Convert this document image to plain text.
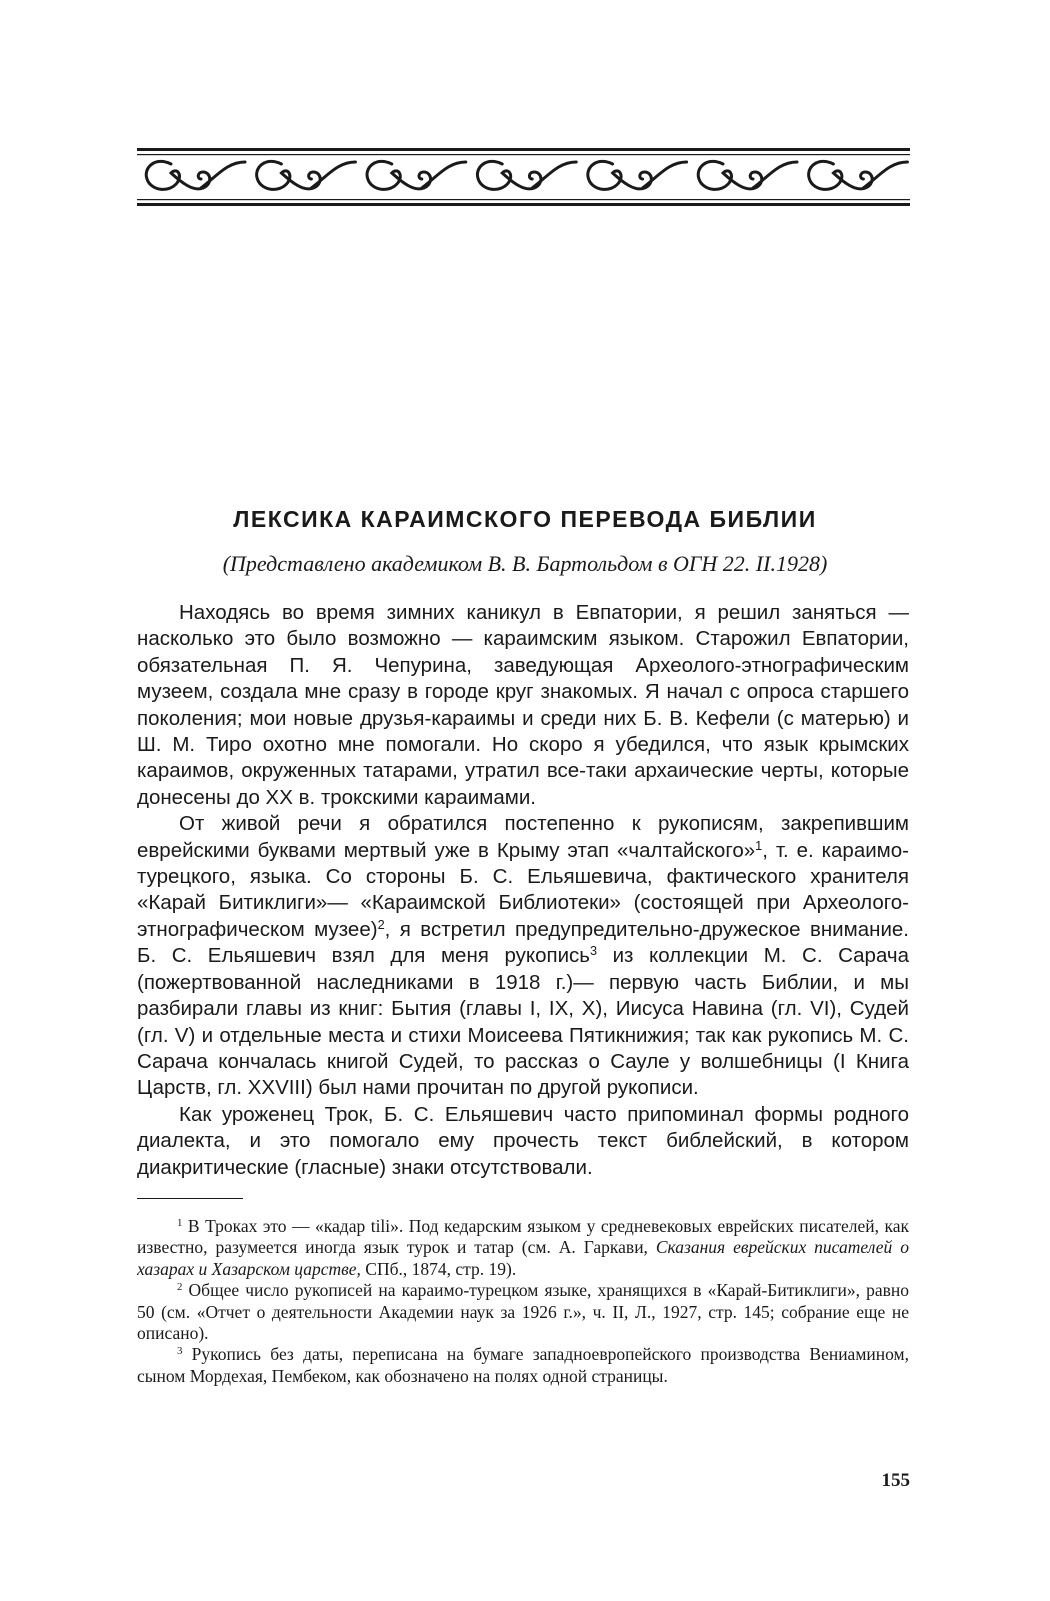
ЛЕКСИКА КАРАИМСКОГО ПЕРЕВОДА БИБЛИИ
(Представлено академиком В. В. Бартольдом в ОГН 22. II.1928)

Находясь во время зимних каникул в Евпатории, я решил заняться — насколько это было возможно — караимским языком. Старожил Евпатории, обязательная П. Я. Чепурина, заведующая Археолого-этнографическим музеем, создала мне сразу в городе круг знакомых. Я начал с опроса старшего поколения; мои новые друзья-караимы и среди них Б. В. Кефели (с матерью) и Ш. М. Тиро охотно мне помогали. Но скоро я убедился, что язык крымских караимов, окруженных татарами, утратил все-таки архаические черты, которые донесены до XX в. трокскими караимами.

От живой речи я обратился постепенно к рукописям, закрепившим еврейскими буквами мертвый уже в Крыму этап «чалтайского»$^1$, т. е. караимо-турецкого, языка. Со стороны Б. С. Ельяшевича, фактического хранителя «Карай Битиклиги»— «Караимской Библиотеки» (состоящей при Археолого-этнографическом музее)$^2$, я встретил предупредительно-дружеское внимание. Б. С. Ельяшевич взял для меня рукопись$^3$ из коллекции М. С. Сарача (пожертвованной наследниками в 1918 г.)— первую часть Библии, и мы разбирали главы из книг: Бытия (главы I, IX, X), Иисуса Навина (гл. VI), Судей (гл. V) и отдельные места и стихи Моисеева Пятикнижия; так как рукопись М. С. Сарача кончалась книгой Судей, то рассказ о Сауле у волшебницы (I Книга Царств, гл. XXVIII) был нами прочитан по другой рукописи.

Как уроженец Трок, Б. С. Ельяшевич часто припоминал формы родного диалекта, и это помогало ему прочесть текст библейский, в котором диакритические (гласные) знаки отсутствовали.

$^1$ В Троках это — «кадар tili». Под кедарским языком у средневековых еврейских писателей, как известно, разумеется иногда язык турок и татар (см. А. Гаркави, Сказания еврейских писателей о хазарах и Хазарском царстве, СПб., 1874, стр. 19).

$^2$ Общее число рукописей на караимо-турецком языке, хранящихся в «Карай-Битиклиги», равно 50 (см. «Отчет о деятельности Академии наук за 1926 г.», ч. II, Л., 1927, стр. 145; собрание еще не описано).

$^3$ Рукопись без даты, переписана на бумаге западноевропейского производства Вениамином, сыном Мордехая, Пембеком, как обозначено на полях одной страницы.

155
